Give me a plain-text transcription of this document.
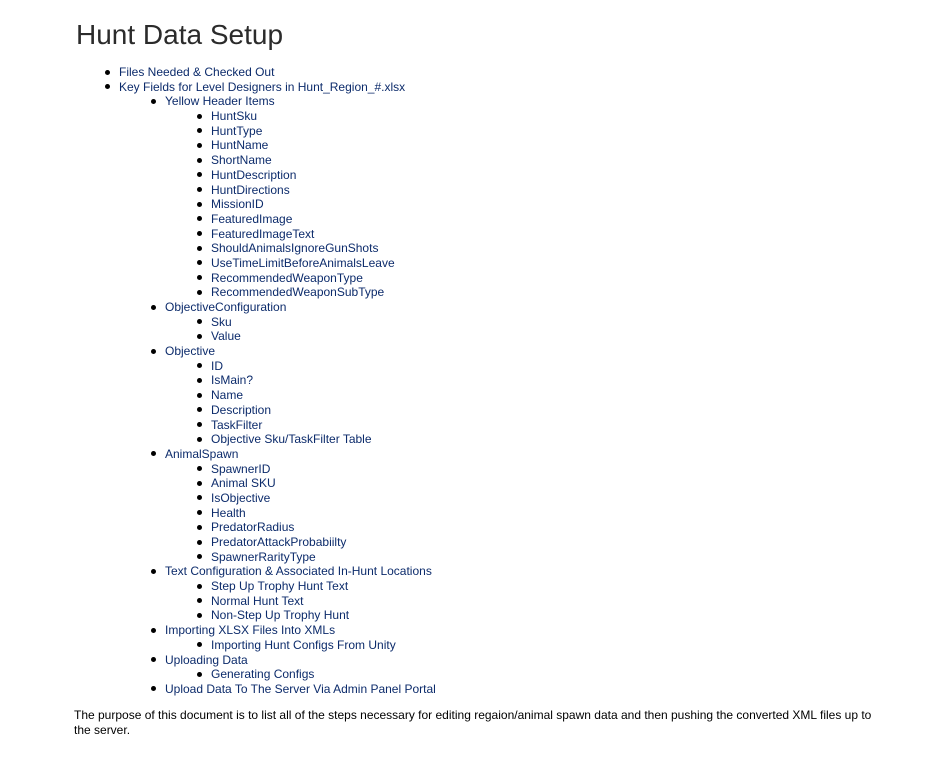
Hunt Data Setup
Files Needed & Checked Out
Key Fields for Level Designers in Hunt_Region_#.xlsx
Yellow Header Items
HuntSku
HuntType
HuntName
ShortName
HuntDescription
HuntDirections
MissionID
FeaturedImage
FeaturedImageText
ShouldAnimalsIgnoreGunShots
UseTimeLimitBeforeAnimalsLeave
RecommendedWeaponType
RecommendedWeaponSubType
ObjectiveConfiguration
Sku
Value
Objective
ID
IsMain?
Name
Description
TaskFilter
Objective Sku/TaskFilter Table
AnimalSpawn
SpawnerID
Animal SKU
IsObjective
Health
PredatorRadius
PredatorAttackProbabiilty
SpawnerRarityType
Text Configuration & Associated In-Hunt Locations
Step Up Trophy Hunt Text
Normal Hunt Text
Non-Step Up Trophy Hunt
Importing XLSX Files Into XMLs
Importing Hunt Configs From Unity
Uploading Data
Generating Configs
Upload Data To The Server Via Admin Panel Portal

The purpose of this document is to list all of the steps necessary for editing regaion/animal spawn data and then pushing the converted XML files up to the server.
